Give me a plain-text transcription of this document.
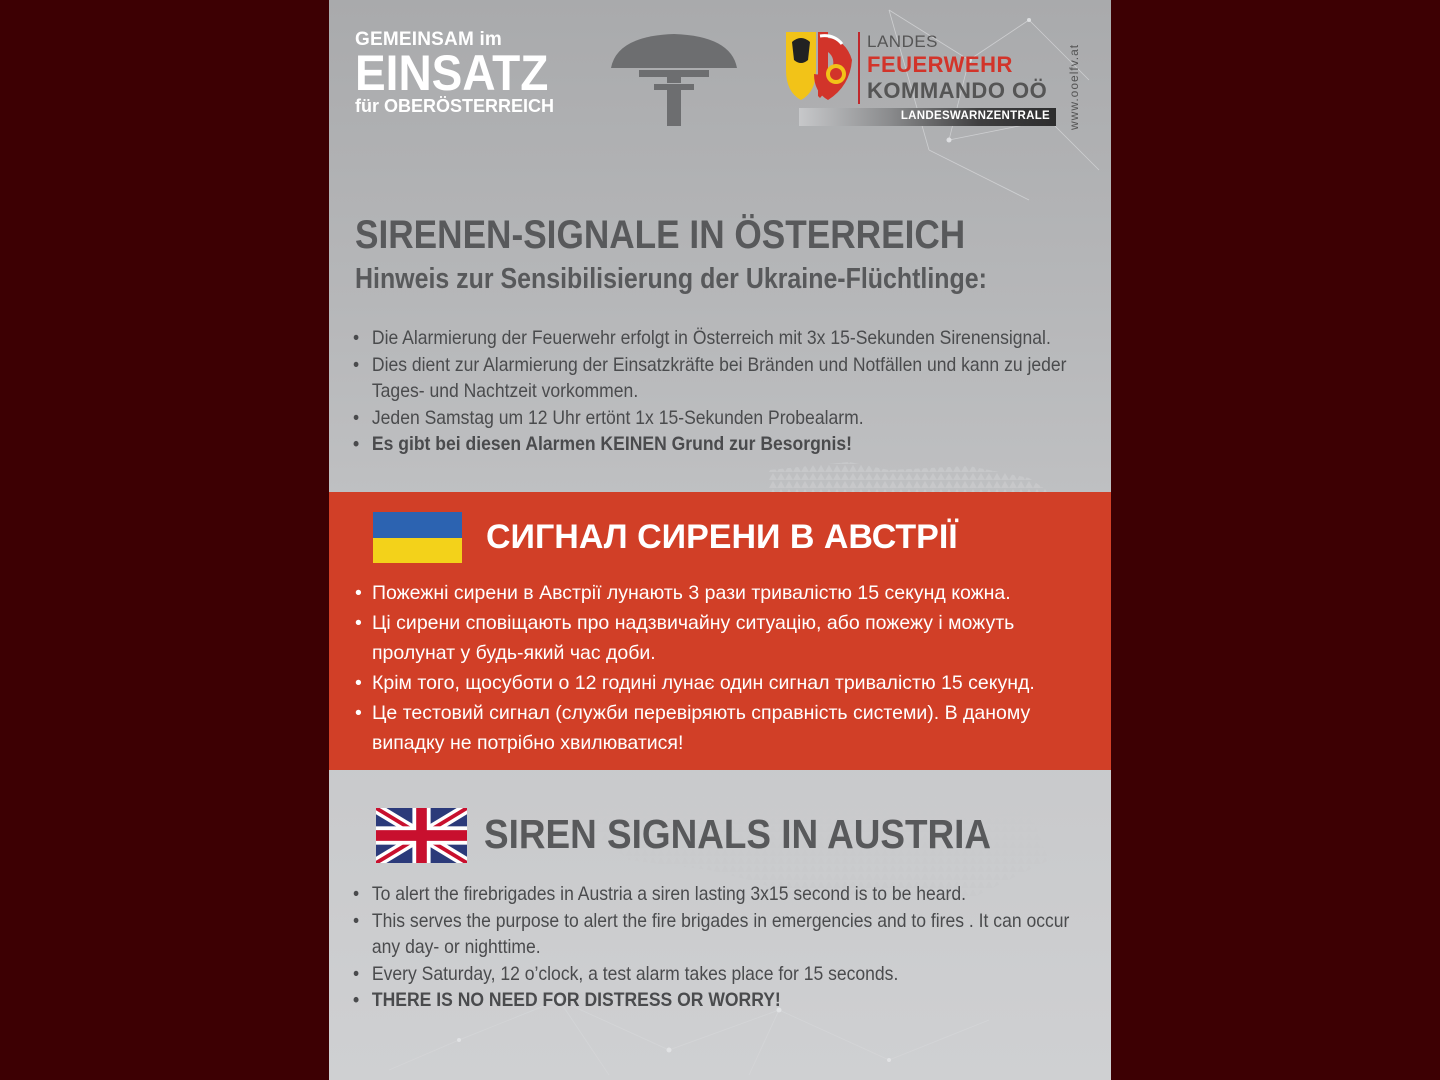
GEMEINSAM im
EINSATZ
für OBERÖSTERREICH
LANDES
FEUERWEHR
KOMMANDO OÖ
LANDESWARNZENTRALE www.ooelfv.at
SIRENEN-SIGNALE IN ÖSTERREICH
Hinweis zur Sensibilisierung der Ukraine-Flüchtlinge:
• Die Alarmierung der Feuerwehr erfolgt in Österreich mit 3x 15-Sekunden Sirenensignal.
• Dies dient zur Alarmierung der Einsatzkräfte bei Bränden und Notfällen und kann zu jeder
Tages- und Nachtzeit vorkommen.
• Jeden Samstag um 12 Uhr ertönt 1x 15-Sekunden Probealarm.
• Es gibt bei diesen Alarmen KEINEN Grund zur Besorgnis!
СИГНАЛ СИРЕНИ В АВСТРІЇ
• Пожежні сирени в Австрії лунають 3 рази тривалістю 15 секунд кожна.
• Ці сирени сповіщають про надзвичайну ситуацію, або пожежу і можуть
пролунат у будь-який час доби.
• Крім того, щосуботи о 12 годині лунає один сигнал тривалістю 15 секунд.
• Це тестовий сигнал (служби перевіряють справність системи). В даному
випадку не потрібно хвилюватися!
SIREN SIGNALS IN AUSTRIA
• To alert the firebrigades in Austria a siren lasting 3x15 second is to be heard.
• This serves the purpose to alert the fire brigades in emergencies and to fires . It can occur
any day- or nighttime.
• Every Saturday, 12 o’clock, a test alarm takes place for 15 seconds.
• THERE IS NO NEED FOR DISTRESS OR WORRY!
